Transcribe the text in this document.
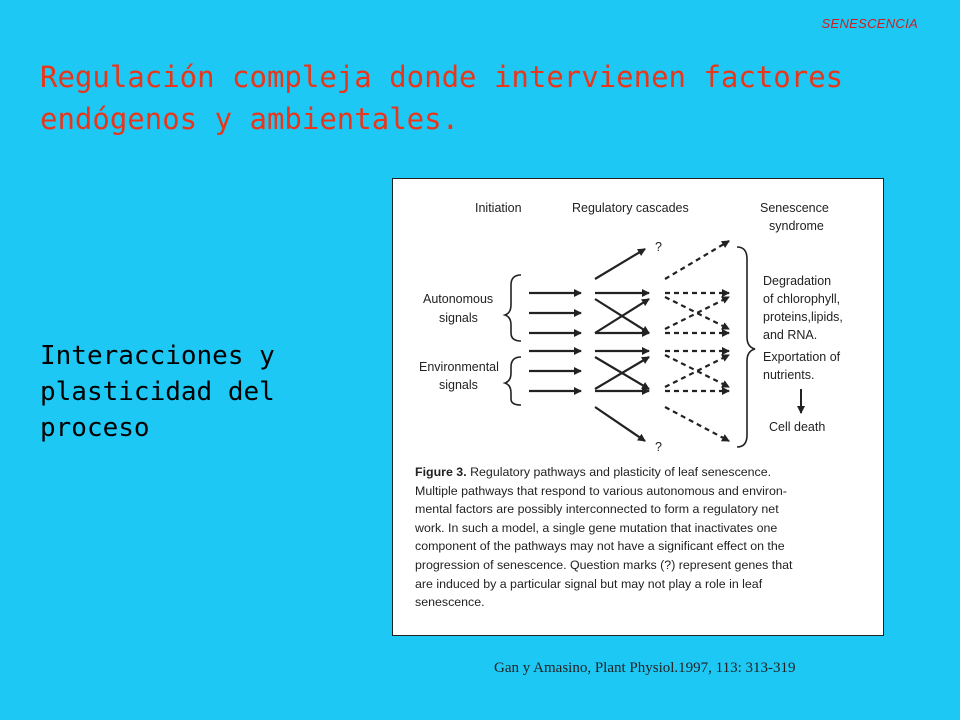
SENESCENCIA
Regulación compleja donde intervienen factores
endógenos y ambientales.
Interacciones y
plasticidad del
proceso
Initiation	Regulatory cascades	Senescence
syndrome
Autonomous
signals
Environmental
signals
?
?
Degradation
of chlorophyll,
proteins,lipids,
and RNA.
Exportation of
nutrients.
Cell death
Figure 3. Regulatory pathways and plasticity of leaf senescence.
Multiple pathways that respond to various autonomous and environ-
mental factors are possibly interconnected to form a regulatory net
work. In such a model, a single gene mutation that inactivates one
component of the pathways may not have a significant effect on the
progression of senescence. Question marks (?) represent genes that
are induced by a particular signal but may not play a role in leaf
senescence.
Gan y Amasino, Plant Physiol.1997, 113: 313-319
